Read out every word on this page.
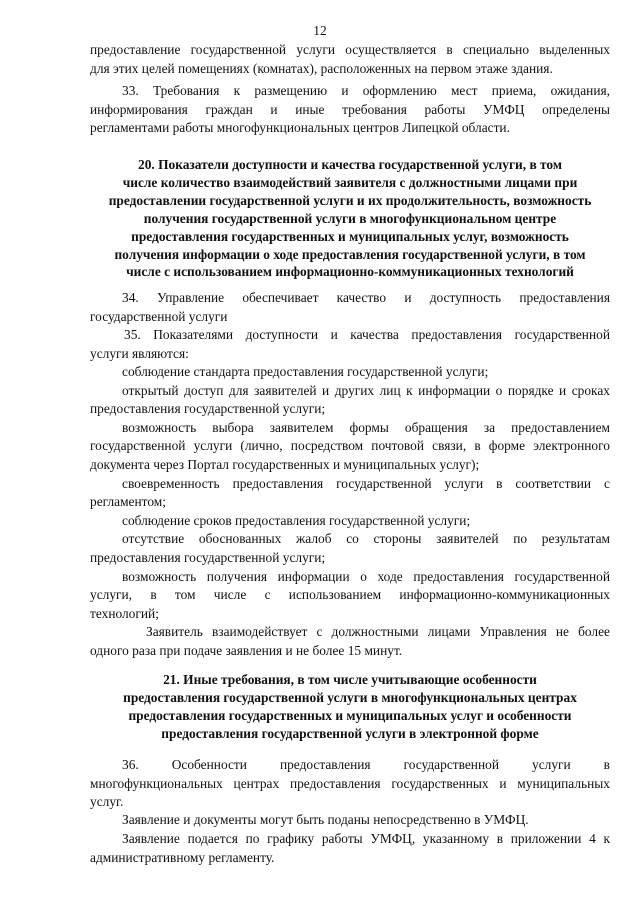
12
предоставление государственной услуги осуществляется в специально выделенных
для этих целей помещениях (комнатах), расположенных на первом этаже здания.
33. Требования к размещению и оформлению мест приема, ожидания,
информирования граждан и иные требования работы УМФЦ определены
регламентами работы многофункциональных центров Липецкой области.
20. Показатели доступности и качества государственной услуги, в том
числе количество взаимодействий заявителя с должностными лицами при
предоставлении государственной услуги и их продолжительность, возможность
получения государственной услуги в многофункциональном центре
предоставления государственных и муниципальных услуг, возможность
получения информации о ходе предоставления государственной услуги, в том
числе с использованием информационно-коммуникационных технологий
34. Управление обеспечивает качество и доступность предоставления
государственной услуги
35. Показателями доступности и качества предоставления государственной
услуги являются:
соблюдение стандарта предоставления государственной услуги;
открытый доступ для заявителей и других лиц к информации о порядке и сроках
предоставления государственной услуги;
возможность выбора заявителем формы обращения за предоставлением
государственной услуги (лично, посредством почтовой связи, в форме электронного
документа через Портал государственных и муниципальных услуг);
своевременность предоставления государственной услуги в соответствии с
регламентом;
соблюдение сроков предоставления государственной услуги;
отсутствие обоснованных жалоб со стороны заявителей по результатам
предоставления государственной услуги;
возможность получения информации о ходе предоставления государственной
услуги, в том числе с использованием информационно-коммуникационных
технологий;
Заявитель взаимодействует с должностными лицами Управления не более
одного раза при подаче заявления и не более 15 минут.
21. Иные требования, в том числе учитывающие особенности
предоставления государственной услуги в многофункциональных центрах
предоставления государственных и муниципальных услуг и особенности
предоставления государственной услуги в электронной форме
36. Особенности предоставления государственной услуги в
многофункциональных центрах предоставления государственных и муниципальных
услуг.
Заявление и документы могут быть поданы непосредственно в УМФЦ.
Заявление подается по графику работы УМФЦ, указанному в приложении 4 к
административному регламенту.
